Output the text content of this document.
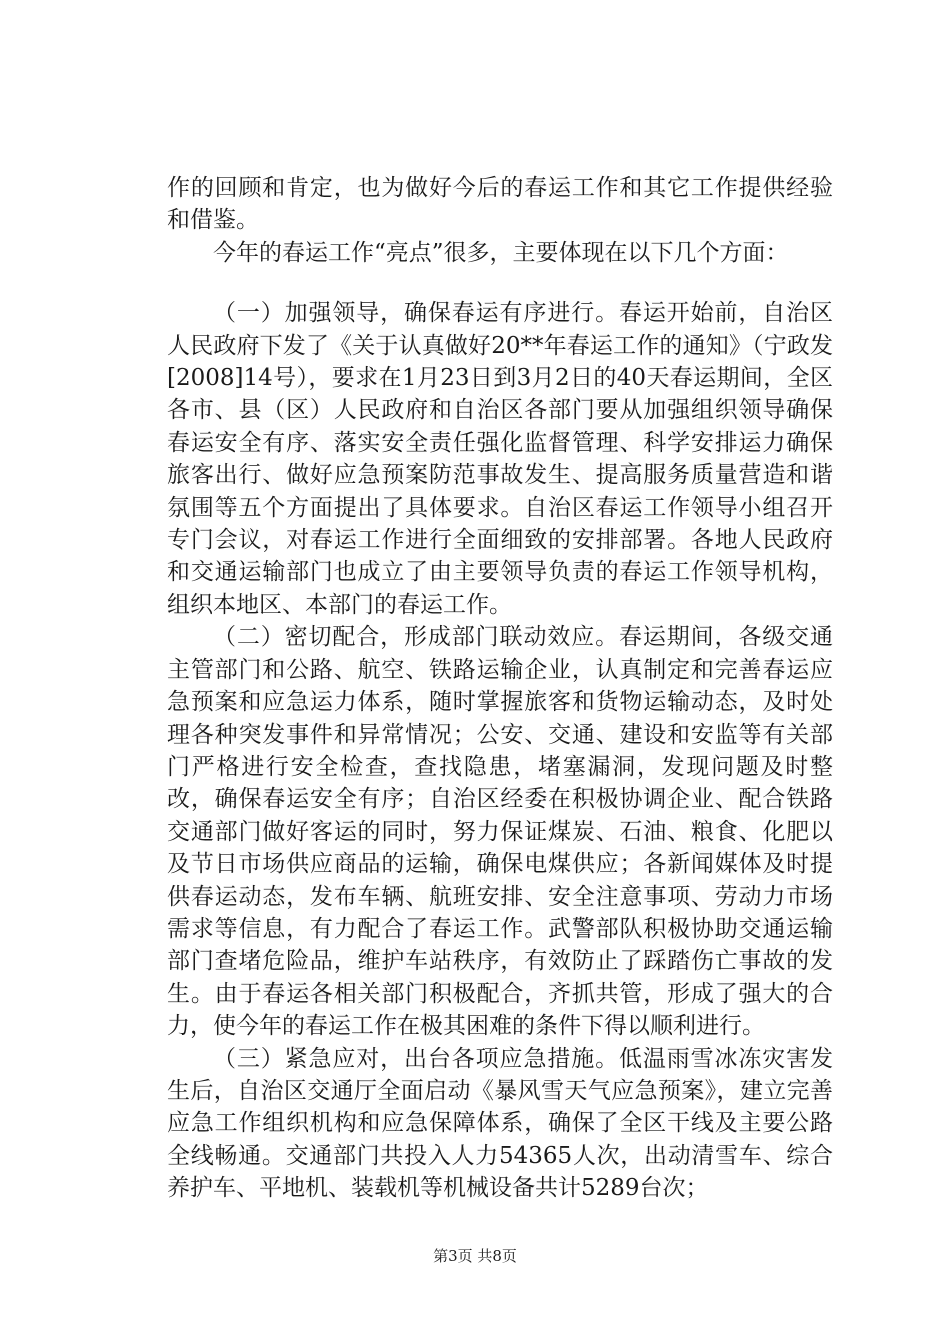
作的回顾和肯定，也为做好今后的春运工作和其它工作提供经验和借鉴。

今年的春运工作“亮点”很多，主要体现在以下几个方面：

（一）加强领导，确保春运有序进行。春运开始前，自治区人民政府下发了《关于认真做好20**年春运工作的通知》（宁政发[2008]14号），要求在1月23日到3月2日的40天春运期间，全区各市、县（区）人民政府和自治区各部门要从加强组织领导确保春运安全有序、落实安全责任强化监督管理、科学安排运力确保旅客出行、做好应急预案防范事故发生、提高服务质量营造和谐氛围等五个方面提出了具体要求。自治区春运工作领导小组召开专门会议，对春运工作进行全面细致的安排部署。各地人民政府和交通运输部门也成立了由主要领导负责的春运工作领导机构，组织本地区、本部门的春运工作。

（二）密切配合，形成部门联动效应。春运期间，各级交通主管部门和公路、航空、铁路运输企业，认真制定和完善春运应急预案和应急运力体系，随时掌握旅客和货物运输动态，及时处理各种突发事件和异常情况；公安、交通、建设和安监等有关部门严格进行安全检查，查找隐患，堵塞漏洞，发现问题及时整改，确保春运安全有序；自治区经委在积极协调企业、配合铁路交通部门做好客运的同时，努力保证煤炭、石油、粮食、化肥以及节日市场供应商品的运输，确保电煤供应；各新闻媒体及时提供春运动态，发布车辆、航班安排、安全注意事项、劳动力市场需求等信息，有力配合了春运工作。武警部队积极协助交通运输部门查堵危险品，维护车站秩序，有效防止了踩踏伤亡事故的发生。由于春运各相关部门积极配合，齐抓共管，形成了强大的合力，使今年的春运工作在极其困难的条件下得以顺利进行。

（三）紧急应对，出台各项应急措施。低温雨雪冰冻灾害发生后，自治区交通厅全面启动《暴风雪天气应急预案》，建立完善应急工作组织机构和应急保障体系，确保了全区干线及主要公路全线畅通。交通部门共投入人力54365人次，出动清雪车、综合养护车、平地机、装载机等机械设备共计5289台次；

第3页 共8页
